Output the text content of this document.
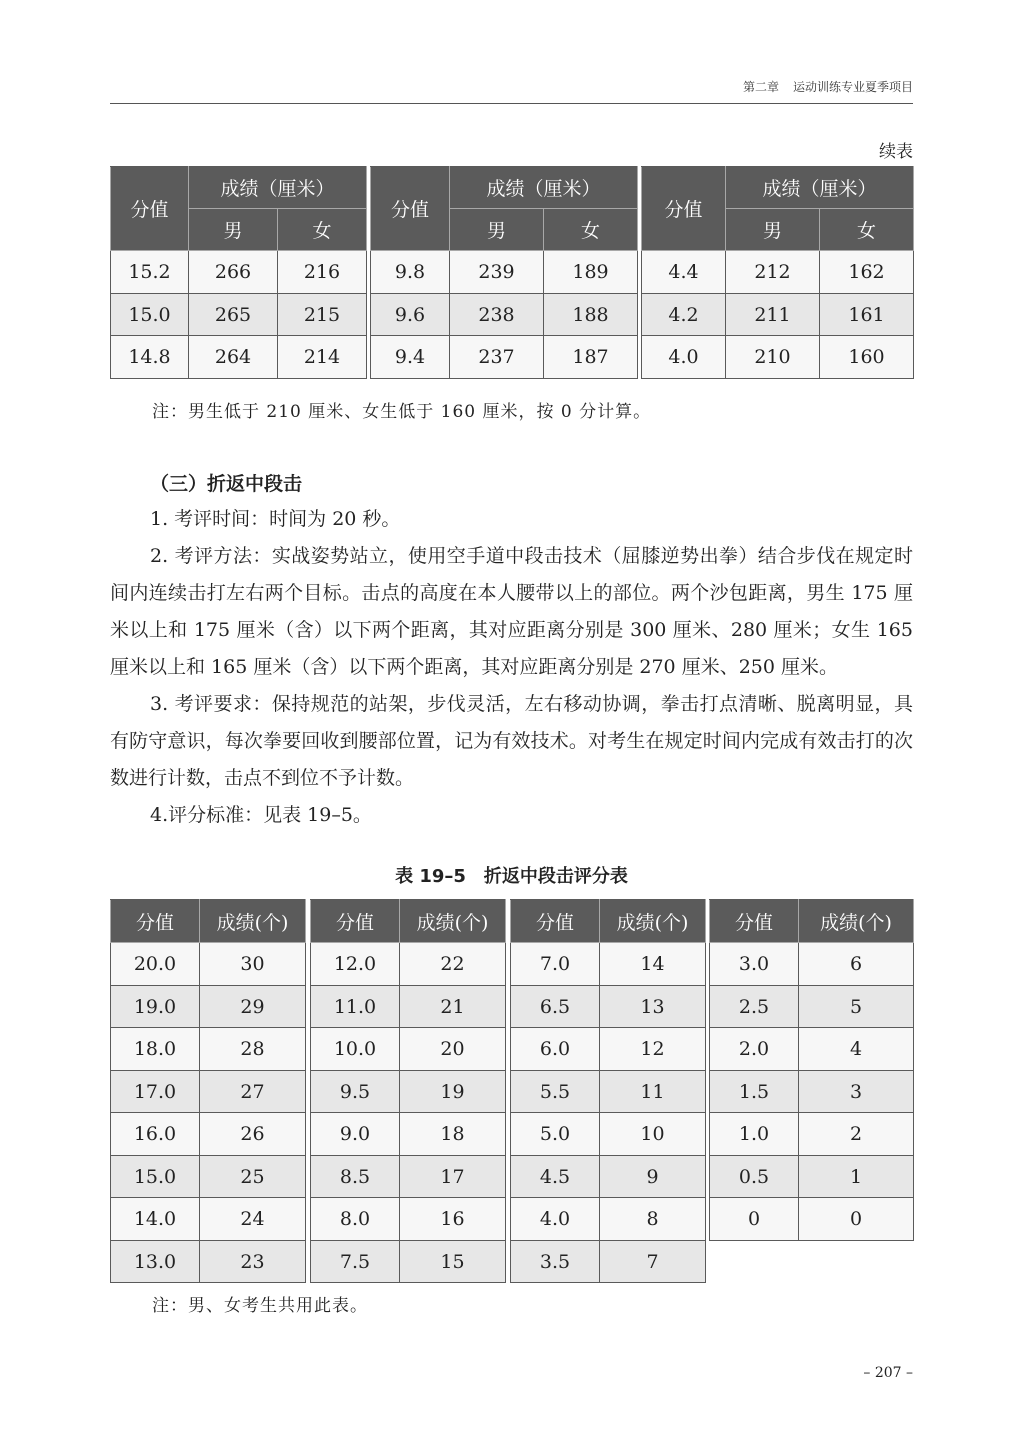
第二章 运动训练专业夏季项目
续表
分值	成绩（厘米）	
	男	女
15.2	266	216
15.0	265	215
14.8	264	214
分值	成绩（厘米）	
	男	女
9.8	239	189
9.6	238	188
9.4	237	187
分值	成绩（厘米）	
	男	女
4.4	212	162
4.2	211	161
4.0	210	160
注：男生低于 210 厘米、女生低于 160 厘米，按 0 分计算。
（三）折返中段击
1. 考评时间：时间为 20 秒。
2. 考评方法：实战姿势站立，使用空手道中段击技术（屈膝逆势出拳）结合步伐在规定时间内连续击打左右两个目标。击点的高度在本人腰带以上的部位。两个沙包距离，男生 175 厘米以上和 175 厘米（含）以下两个距离，其对应距离分别是 300 厘米、280 厘米；女生 165 厘米以上和 165 厘米（含）以下两个距离，其对应距离分别是 270 厘米、250 厘米。
3. 考评要求：保持规范的站架，步伐灵活，左右移动协调，拳击打点清晰、脱离明显，具有防守意识，每次拳要回收到腰部位置，记为有效技术。对考生在规定时间内完成有效击打的次数进行计数，击点不到位不予计数。
4.评分标准：见表 19–5。
表 19–5　折返中段击评分表
分值	成绩(个)
20.0	30
19.0	29
18.0	28
17.0	27
16.0	26
15.0	25
14.0	24
13.0	23
分值	成绩(个)
12.0	22
11.0	21
10.0	20
9.5	19
9.0	18
8.5	17
8.0	16
7.5	15
分值	成绩(个)
7.0	14
6.5	13
6.0	12
5.5	11
5.0	10
4.5	9
4.0	8
3.5	7
分值	成绩(个)
3.0	6
2.5	5
2.0	4
1.5	3
1.0	2
0.5	1
0	0
注：男、女考生共用此表。
– 207 –
